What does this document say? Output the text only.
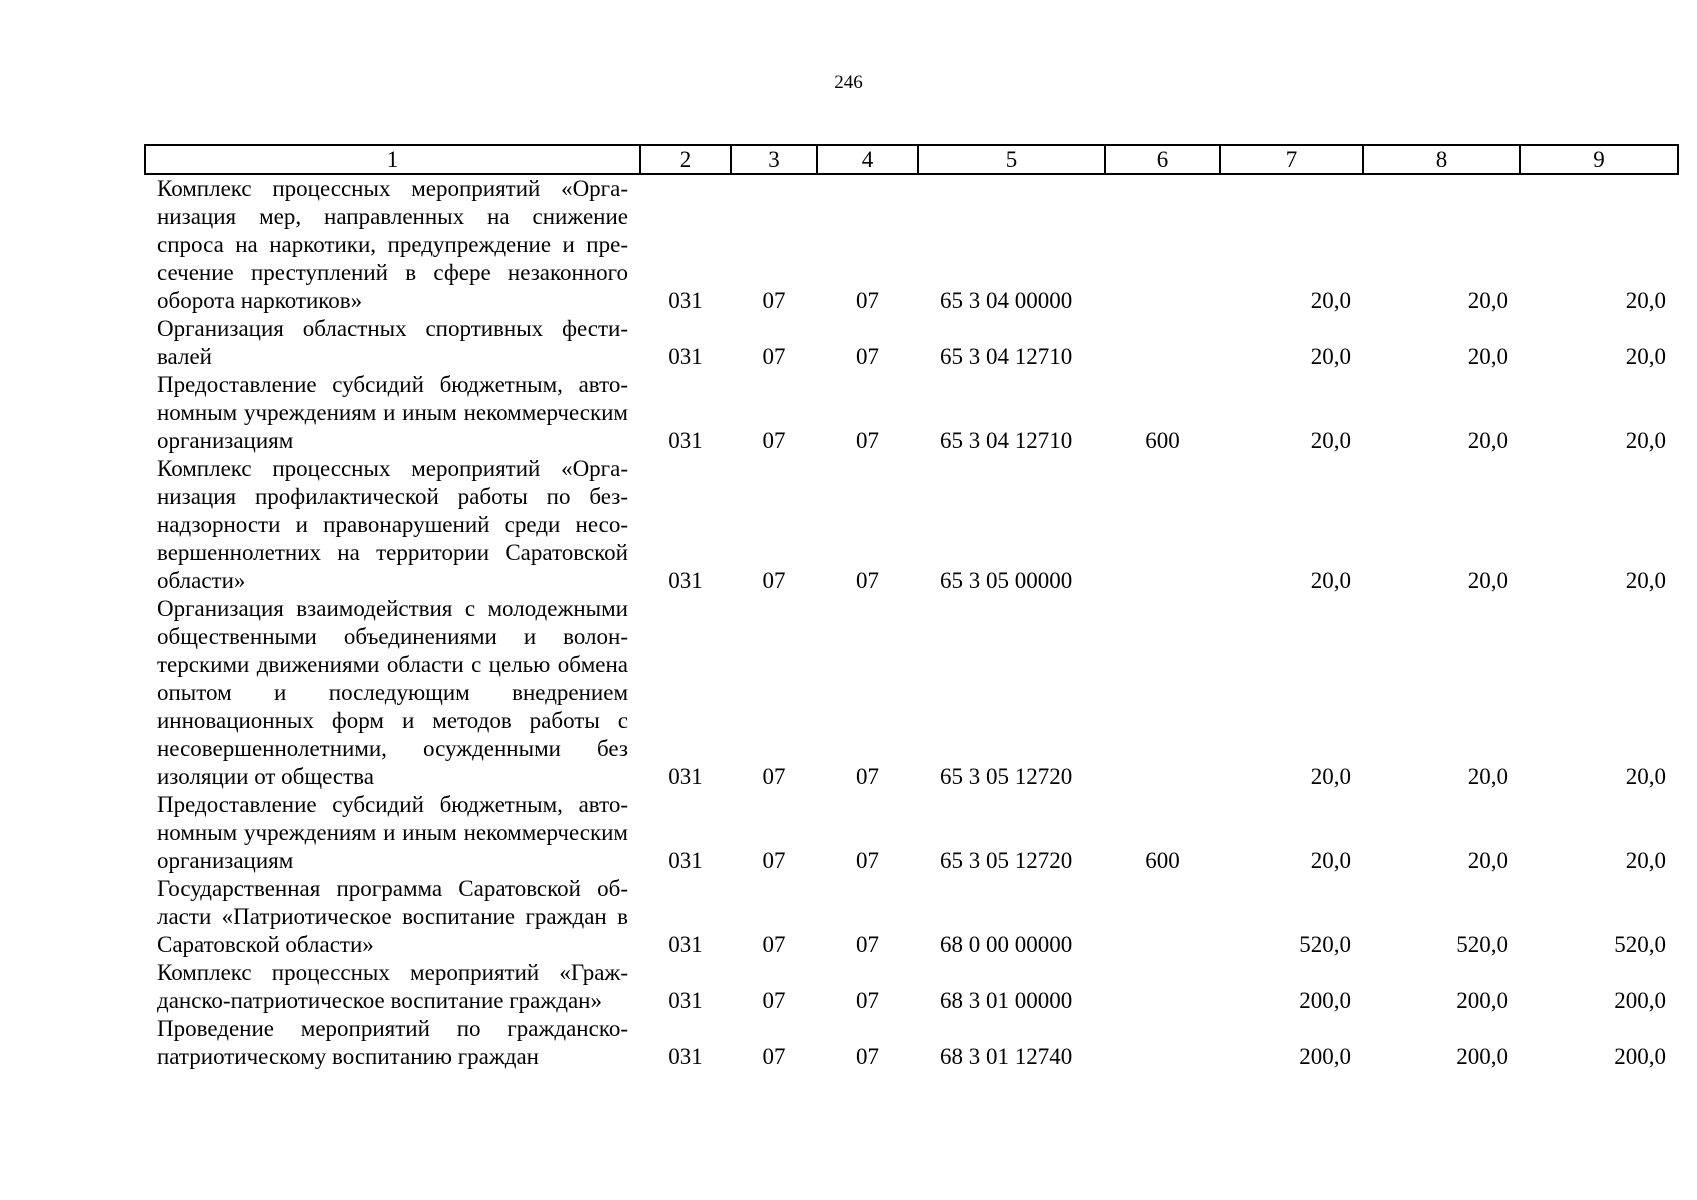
246
1	2	3	4	5	6	7	8	9
Комплекс процессных мероприятий «Организация мер, направленных на снижение спроса на наркотики, предупреждение и пресечение преступлений в сфере незаконного оборота наркотиков»	031	07	07	65 3 04 00000		20,0	20,0	20,0
Организация областных спортивных фестивалей	031	07	07	65 3 04 12710		20,0	20,0	20,0
Предоставление субсидий бюджетным, автономным учреждениям и иным некоммерческим организациям	031	07	07	65 3 04 12710	600	20,0	20,0	20,0
Комплекс процессных мероприятий «Организация профилактической работы по безнадзорности и правонарушений среди несовершеннолетних на территории Саратовской области»	031	07	07	65 3 05 00000		20,0	20,0	20,0
Организация взаимодействия с молодежными общественными объединениями и волонтерскими движениями области с целью обмена опытом и последующим внедрением инновационных форм и методов работы с несовершеннолетними, осужденными без изоляции от общества	031	07	07	65 3 05 12720		20,0	20,0	20,0
Предоставление субсидий бюджетным, автономным учреждениям и иным некоммерческим организациям	031	07	07	65 3 05 12720	600	20,0	20,0	20,0
Государственная программа Саратовской области «Патриотическое воспитание граждан в Саратовской области»	031	07	07	68 0 00 00000		520,0	520,0	520,0
Комплекс процессных мероприятий «Гражданско-патриотическое воспитание граждан»	031	07	07	68 3 01 00000		200,0	200,0	200,0
Проведение мероприятий по гражданско-патриотическому воспитанию граждан	031	07	07	68 3 01 12740		200,0	200,0	200,0
